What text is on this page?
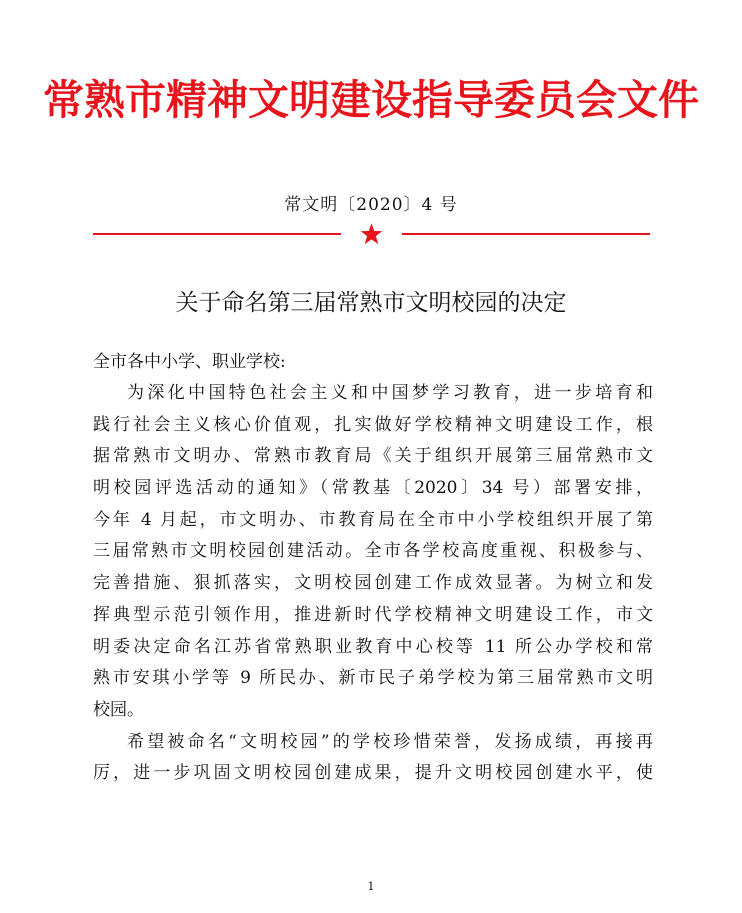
常熟市精神文明建设指导委员会文件
常文明〔2020〕4 号
关于命名第三届常熟市文明校园的决定
全市各中小学、职业学校:
为深化中国特色社会主义和中国梦学习教育，进一步培育和
践行社会主义核心价值观，扎实做好学校精神文明建设工作，根
据常熟市文明办、常熟市教育局《关于组织开展第三届常熟市文
明校园评选活动的通知》（常教基〔2020〕34 号）部署安排，
今年 4 月起，市文明办、市教育局在全市中小学校组织开展了第
三届常熟市文明校园创建活动。全市各学校高度重视、积极参与、
完善措施、狠抓落实，文明校园创建工作成效显著。为树立和发
挥典型示范引领作用，推进新时代学校精神文明建设工作，市文
明委决定命名江苏省常熟职业教育中心校等 11 所公办学校和常
熟市安琪小学等 9 所民办、新市民子弟学校为第三届常熟市文明
校园。
希望被命名“文明校园”的学校珍惜荣誉，发扬成绩，再接再
厉，进一步巩固文明校园创建成果，提升文明校园创建水平，使
1
